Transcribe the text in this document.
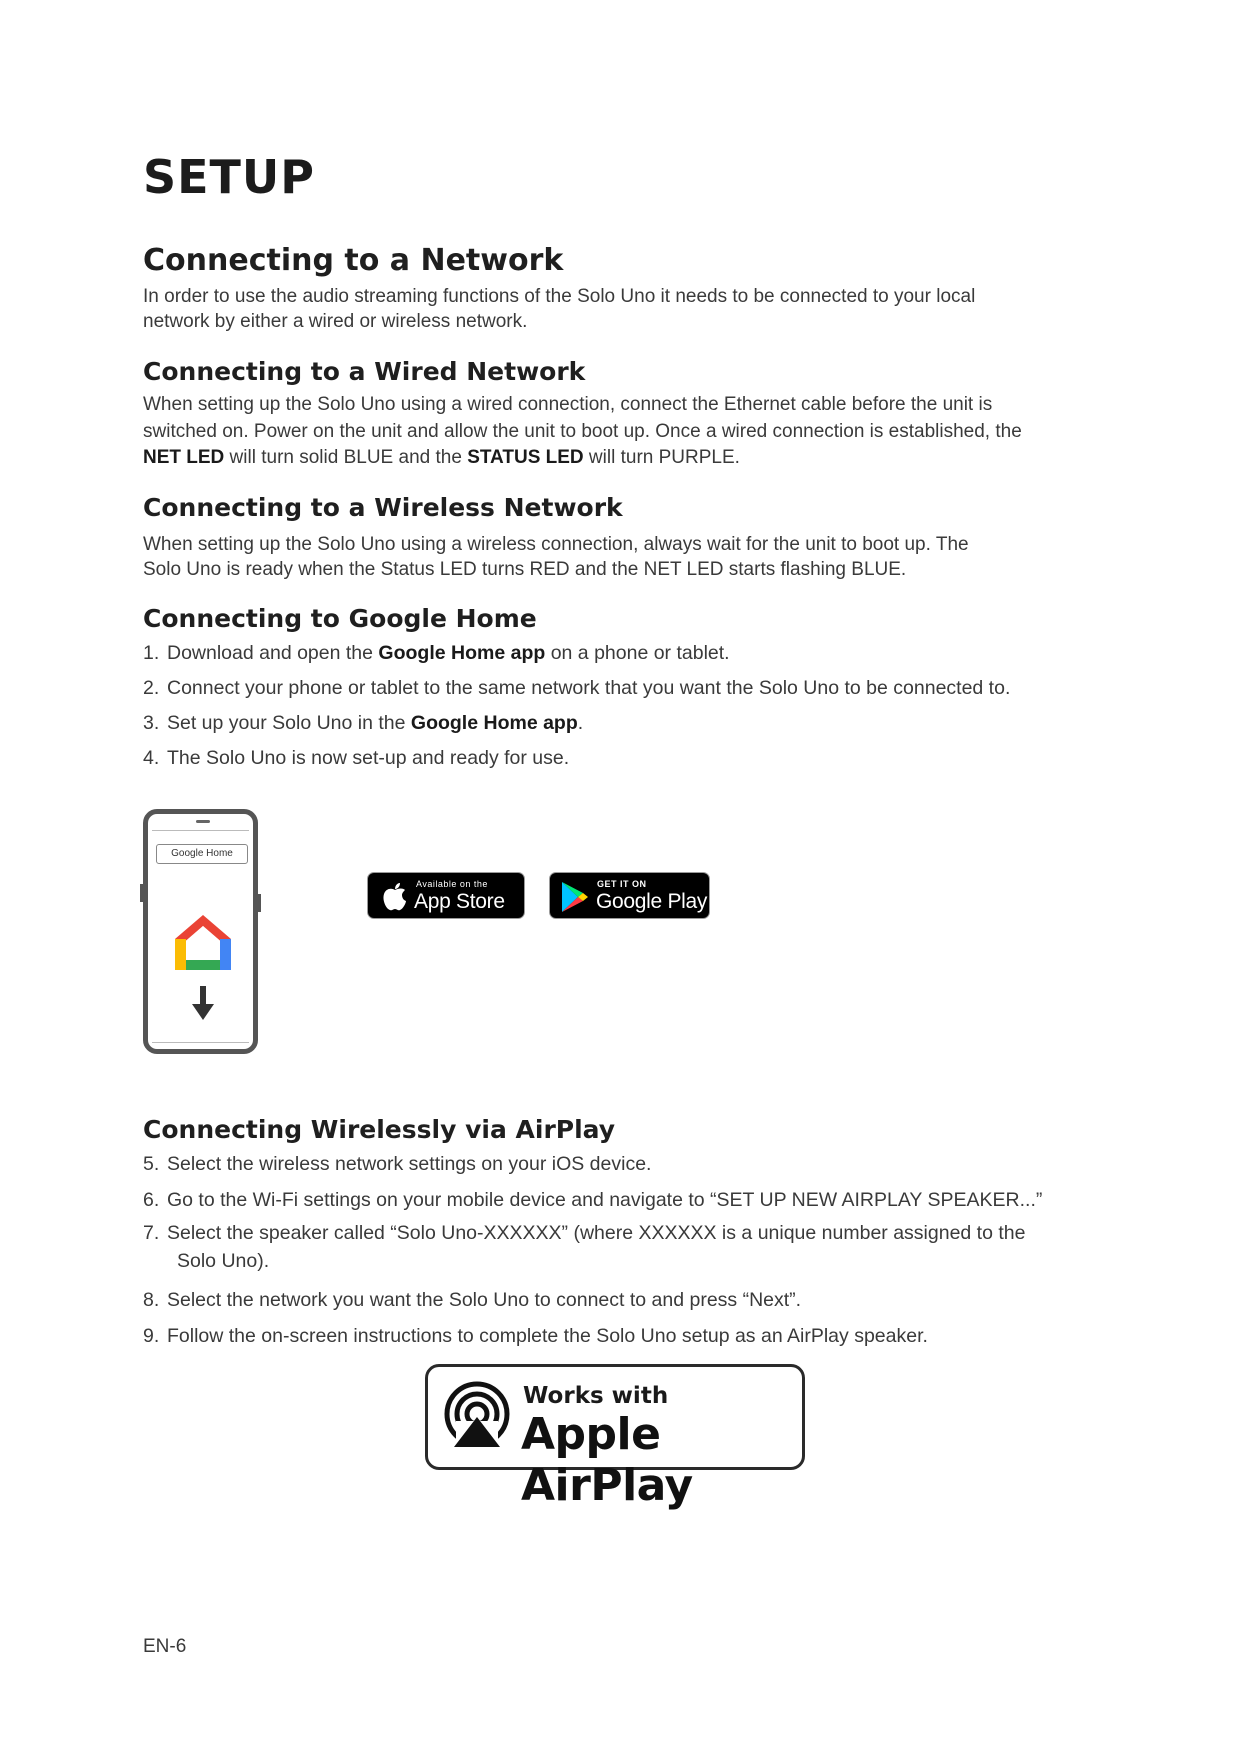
SETUP
Connecting to a Network
In order to use the audio streaming functions of the Solo Uno it needs to be connected to your local
network by either a wired or wireless network.
Connecting to a Wired Network
When setting up the Solo Uno using a wired connection, connect the Ethernet cable before the unit is
switched on. Power on the unit and allow the unit to boot up. Once a wired connection is established, the
NET LED will turn solid BLUE and the STATUS LED will turn PURPLE.
Connecting to a Wireless Network
When setting up the Solo Uno using a wireless connection, always wait for the unit to boot up. The
Solo Uno is ready when the Status LED turns RED and the NET LED starts flashing BLUE.
Connecting to Google Home
1. Download and open the Google Home app on a phone or tablet.
2. Connect your phone or tablet to the same network that you want the Solo Uno to be connected to.
3. Set up your Solo Uno in the Google Home app.
4. The Solo Uno is now set-up and ready for use.
Google Home
Available on the
App Store
GET IT ON
Google Play
Connecting Wirelessly via AirPlay
5. Select the wireless network settings on your iOS device.
6. Go to the Wi-Fi settings on your mobile device and navigate to “SET UP NEW AIRPLAY SPEAKER...”
7. Select the speaker called “Solo Uno-XXXXXX” (where XXXXXX is a unique number assigned to the
Solo Uno).
8. Select the network you want the Solo Uno to connect to and press “Next”.
9. Follow the on-screen instructions to complete the Solo Uno setup as an AirPlay speaker.
Works with
Apple AirPlay
EN-6
